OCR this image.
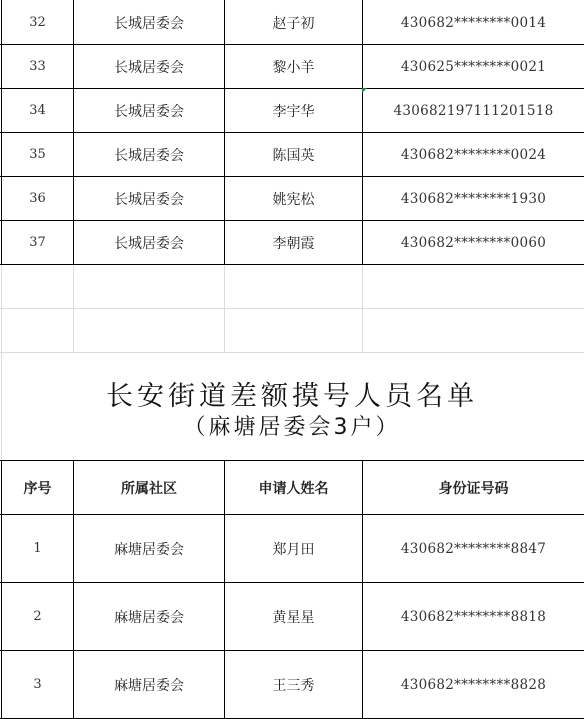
32	长城居委会	赵子初	430682********0014
33	长城居委会	黎小羊	430625********0021
34	长城居委会	李宇华	430682197111201518
35	长城居委会	陈国英	430682********0024
36	长城居委会	姚宪松	430682********1930
37	长城居委会	李朝霞	430682********0060
长安街道差额摸号人员名单
（麻塘居委会3户）
序号	所属社区	申请人姓名	身份证号码
1	麻塘居委会	郑月田	430682********8847
2	麻塘居委会	黄星星	430682********8818
3	麻塘居委会	王三秀	430682********8828
